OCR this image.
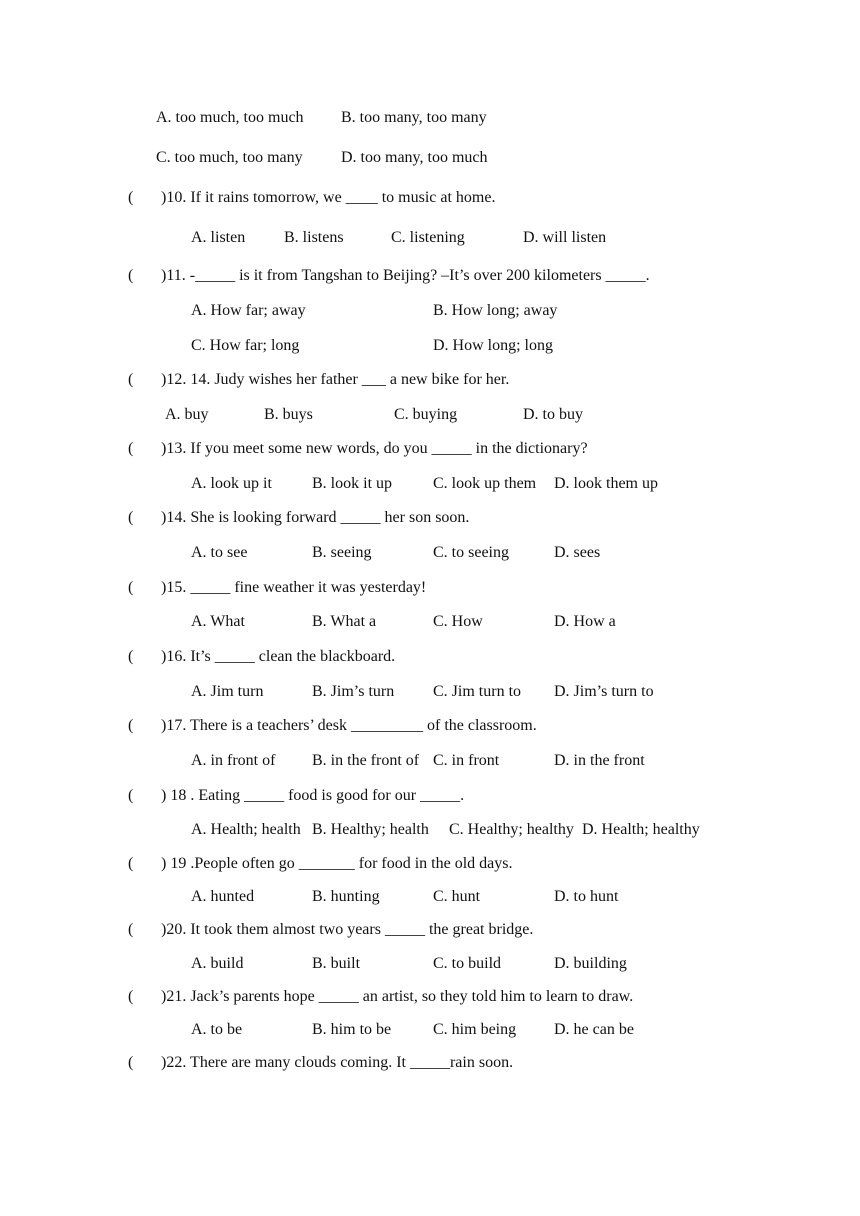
A. too much, too much B. too many, too many
C. too much, too many D. too many, too much
( )10. If it rains tomorrow, we ____ to music at home.
A. listen B. listens	C. listening	D. will listen
( )11. -_____ is it from Tangshan to Beijing? –It’s over 200 kilometers _____.
A. How far; away	B. How long; away
C. How far; long	D. How long; long
( )12. 14. Judy wishes her father ___ a new bike for her.
A. buy	B. buys	C. buying	D. to buy
( )13. If you meet some new words, do you _____ in the dictionary?
A. look up it	B. look it up	C. look up them D. look them up
( )14. She is looking forward _____ her son soon.
A. to see	B. seeing	C. to seeing	D. sees
( )15. _____ fine weather it was yesterday!
A. What	B. What a	C. How	D. How a
( )16. It’s _____ clean the blackboard.
A. Jim turn	B. Jim’s turn C. Jim turn to D. Jim’s turn to
( )17. There is a teachers’ desk _________ of the classroom.
A. in front of B. in the front of C. in front	D. in the front
( ) 18 . Eating _____ food is good for our _____.
A. Health; health B. Healthy; health C. Healthy; healthy D. Health; healthy
( ) 19 .People often go _______ for food in the old days.
A. hunted	B. hunting	C. hunt	D. to hunt
( )20. It took them almost two years _____ the great bridge.
A. build	B. built	C. to build	D. building
( )21. Jack’s parents hope _____ an artist, so they told him to learn to draw.
A. to be	B. him to be	C. him being D. he can be
( )22. There are many clouds coming. It _____rain soon.
